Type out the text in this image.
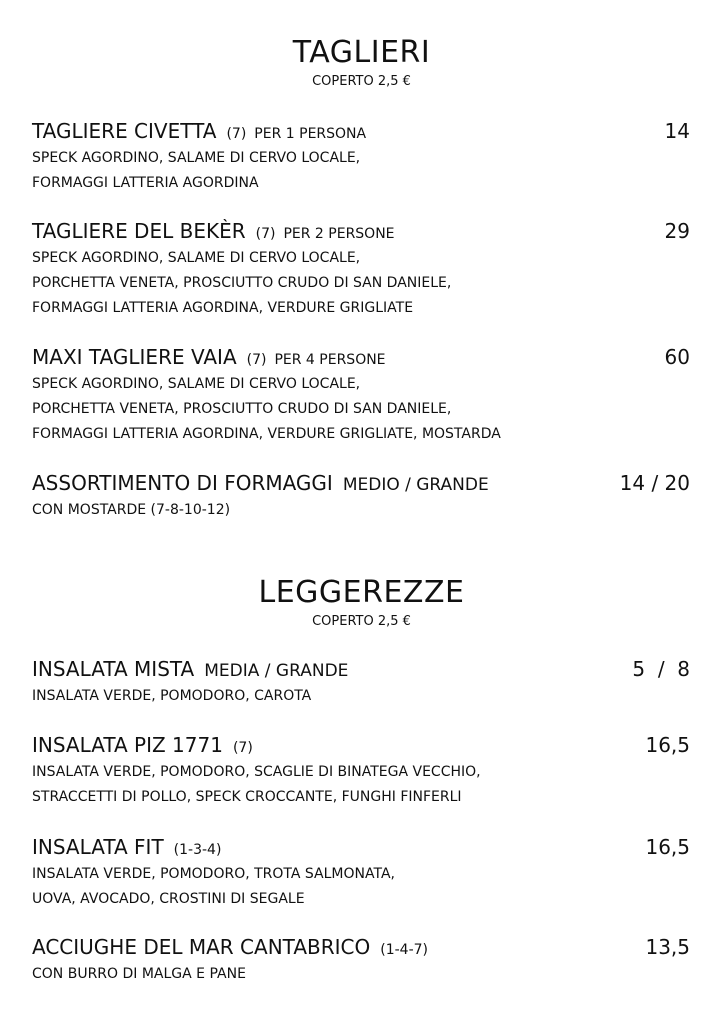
TAGLIERI

COPERTO 2,5 €

TAGLIERE CIVETTA (7) PER 1 PERSONA	14
SPECK AGORDINO, SALAME DI CERVO LOCALE,
FORMAGGI LATTERIA AGORDINA
TAGLIERE DEL BEKÈR (7) PER 2 PERSONE	29
SPECK AGORDINO, SALAME DI CERVO LOCALE,
PORCHETTA VENETA, PROSCIUTTO CRUDO DI SAN DANIELE,
FORMAGGI LATTERIA AGORDINA, VERDURE GRIGLIATE
MAXI TAGLIERE VAIA (7) PER 4 PERSONE	60
SPECK AGORDINO, SALAME DI CERVO LOCALE,
PORCHETTA VENETA, PROSCIUTTO CRUDO DI SAN DANIELE,
FORMAGGI LATTERIA AGORDINA, VERDURE GRIGLIATE, MOSTARDA
ASSORTIMENTO DI FORMAGGI MEDIO / GRANDE	14 / 20
CON MOSTARDE (7-8-10-12)
LEGGEREZZE

COPERTO 2,5 €

INSALATA MISTA MEDIA / GRANDE	5  /  8
INSALATA VERDE, POMODORO, CAROTA
INSALATA PIZ 1771 (7)	16,5
INSALATA VERDE, POMODORO, SCAGLIE DI BINATEGA VECCHIO,
STRACCETTI DI POLLO, SPECK CROCCANTE, FUNGHI FINFERLI
INSALATA FIT (1-3-4)	16,5
INSALATA VERDE, POMODORO, TROTA SALMONATA,
UOVA, AVOCADO, CROSTINI DI SEGALE
ACCIUGHE DEL MAR CANTABRICO (1-4-7)	13,5
CON BURRO DI MALGA E PANE
